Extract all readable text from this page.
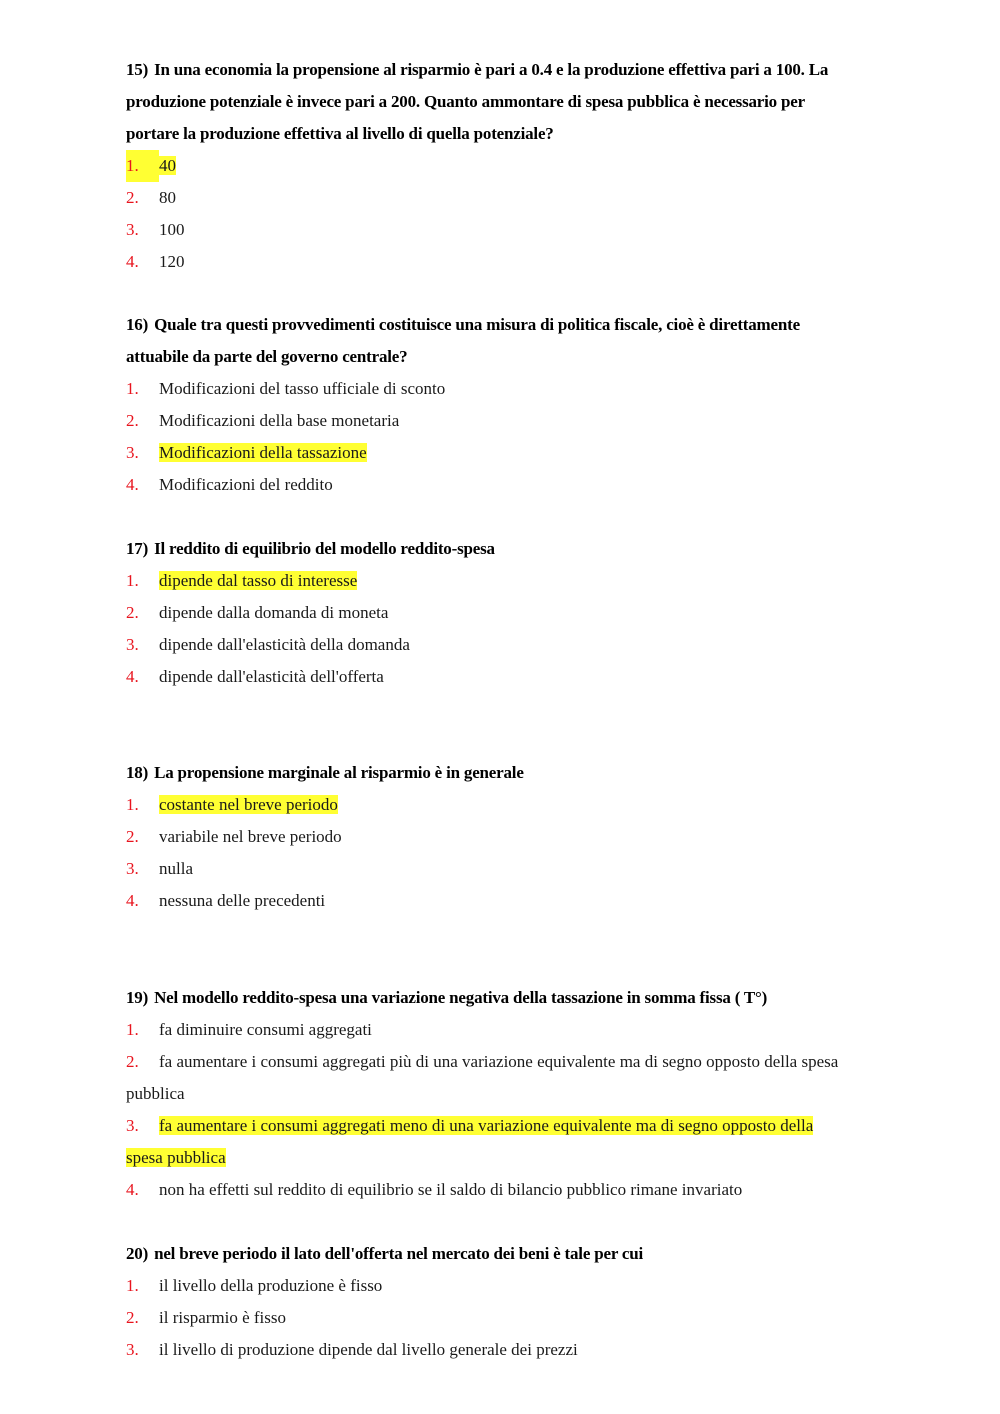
15) In una economia la propensione al risparmio è pari a 0.4 e la produzione effettiva pari a 100. La produzione potenziale è invece pari a 200. Quanto ammontare di spesa pubblica è necessario per portare la produzione effettiva al livello di quella potenziale?
1. 40
2. 80
3. 100
4. 120
16) Quale tra questi provvedimenti costituisce una misura di politica fiscale, cioè è direttamente attuabile da parte del governo centrale?
1. Modificazioni del tasso ufficiale di sconto
2. Modificazioni della base monetaria
3. Modificazioni della tassazione
4. Modificazioni del reddito
17) Il reddito di equilibrio del modello reddito-spesa
1. dipende dal tasso di interesse
2. dipende dalla domanda di moneta
3. dipende dall'elasticità della domanda
4. dipende dall'elasticità dell'offerta
18) La propensione marginale al risparmio è in generale
1. costante nel breve periodo
2. variabile nel breve periodo
3. nulla
4. nessuna delle precedenti
19) Nel modello reddito-spesa una variazione negativa della tassazione in somma fissa ( T°)
1. fa diminuire consumi aggregati
2. fa aumentare i consumi aggregati più di una variazione equivalente ma di segno opposto della spesa pubblica
3. fa aumentare i consumi aggregati meno di una variazione equivalente ma di segno opposto della spesa pubblica
4. non ha effetti sul reddito di equilibrio se il saldo di bilancio pubblico rimane invariato
20) nel breve periodo il lato dell'offerta nel mercato dei beni è tale per cui
1. il livello della produzione è fisso
2. il risparmio è fisso
3. il livello di produzione dipende dal livello generale dei prezzi
